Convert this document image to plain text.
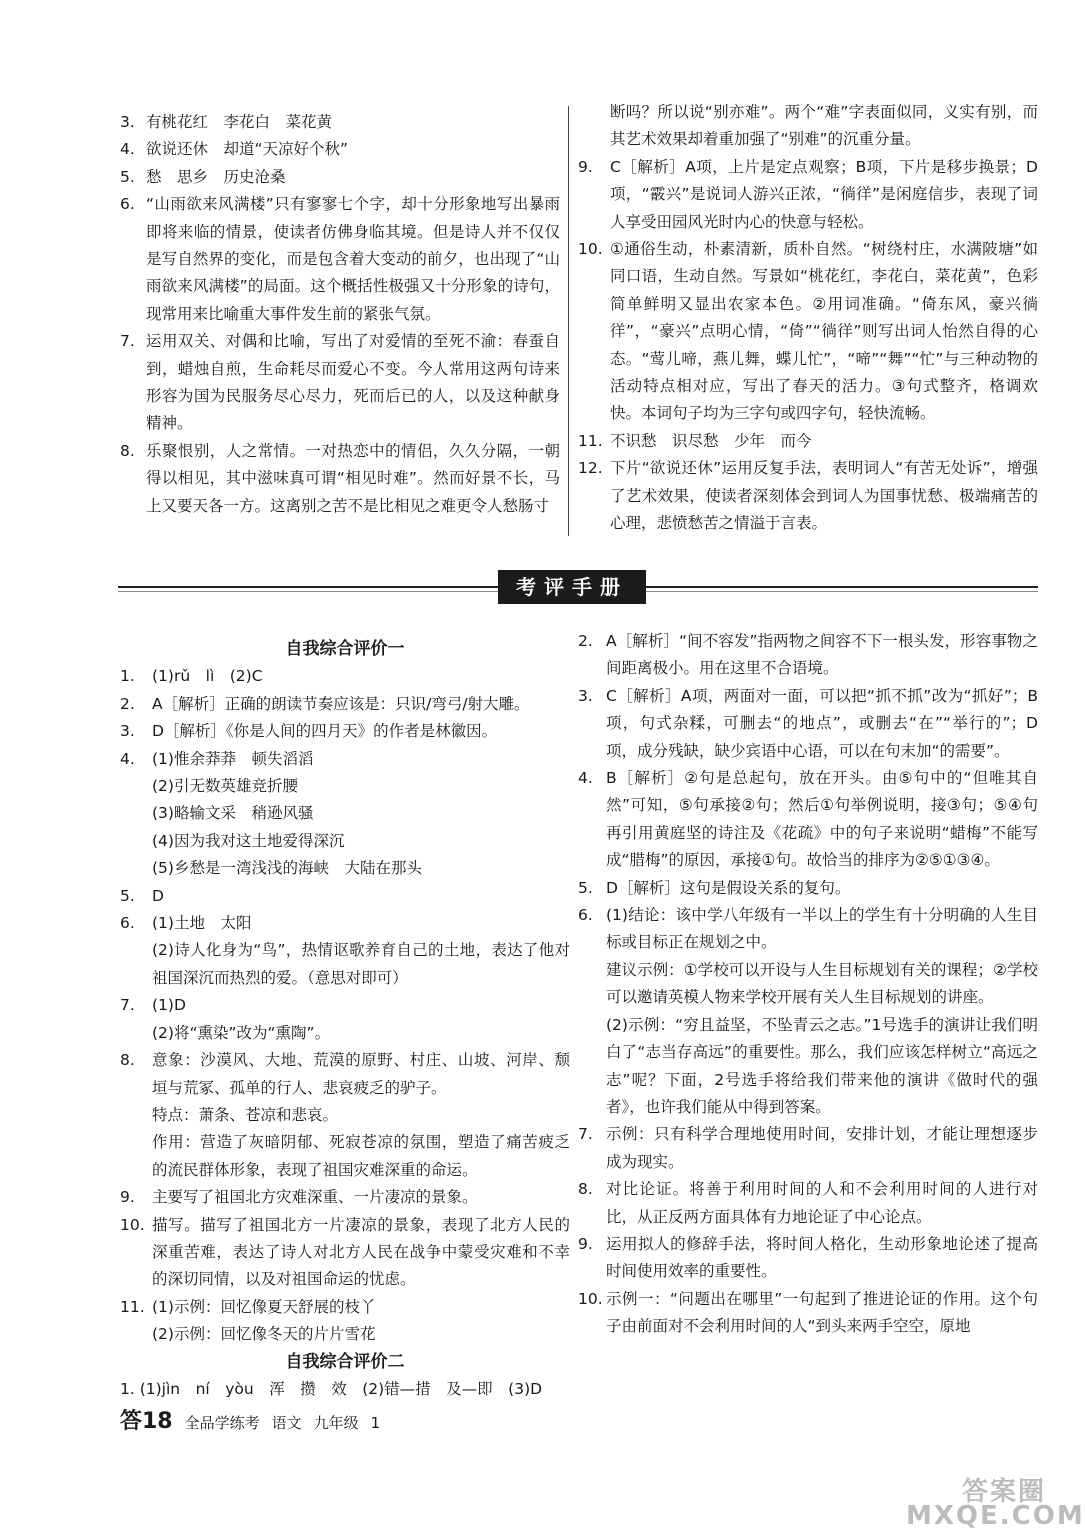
3. 有桃花红　李花白　菜花黄
4. 欲说还休　却道“天凉好个秋”
5. 愁　思乡　历史沧桑
6. “山雨欲来风满楼”只有寥寥七个字，却十分形象地写出暴雨即将来临的情景，使读者仿佛身临其境。但是诗人并不仅仅是写自然界的变化，而是包含着大变动的前夕，也出现了“山雨欲来风满楼”的局面。这个概括性极强又十分形象的诗句，现常用来比喻重大事件发生前的紧张气氛。
7. 运用双关、对偶和比喻，写出了对爱情的至死不渝：春蚕自到，蜡烛自煎，生命耗尽而爱心不变。今人常用这两句诗来形容为国为民服务尽心尽力，死而后已的人，以及这种献身精神。
8. 乐聚恨别，人之常情。一对热恋中的情侣，久久分隔，一朝得以相见，其中滋味真可谓“相见时难”。然而好景不长，马上又要天各一方。这离别之苦不是比相见之难更令人愁肠寸
断吗？所以说“别亦难”。两个“难”字表面似同，义实有别，而其艺术效果却着重加强了“别难”的沉重分量。
9.	C［解析］A项，上片是定点观察；B项，下片是移步换景；D项，“霰兴”是说词人游兴正浓，“徜徉”是闲庭信步，表现了词人享受田园风光时内心的快意与轻松。
10. ①通俗生动，朴素清新，质朴自然。“树绕村庄，水满陂塘”如同口语，生动自然。写景如“桃花红，李花白，菜花黄”，色彩简单鲜明又显出农家本色。②用词准确。“倚东风，豪兴徜徉”，“豪兴”点明心情，“倚”“徜徉”则写出词人怡然自得的心态。“莺儿啼，燕儿舞，蝶儿忙”，“啼”“舞”“忙”与三种动物的活动特点相对应，写出了春天的活力。③句式整齐，格调欢快。本词句子均为三字句或四字句，轻快流畅。
11. 不识愁　识尽愁　少年　而今
12. 下片“欲说还休”运用反复手法，表明词人“有苦无处诉”，增强了艺术效果，使读者深刻体会到词人为国事忧愁、极端痛苦的心理，悲愤愁苦之情溢于言表。
考评手册

自我综合评价一

1.	(1)rǔ　lì　(2)C

2.	A［解析］正确的朗读节奏应该是：只识/弯弓/射大雕。

3.	D［解析］《你是人间的四月天》的作者是林徽因。

4.	(1)惟余莽莽　顿失滔滔

(2)引无数英雄竞折腰

(3)略输文采　稍逊风骚

(4)因为我对这土地爱得深沉

(5)乡愁是一湾浅浅的海峡　大陆在那头

5.	D

6.	(1)土地　太阳

(2)诗人化身为“鸟”，热情讴歌养育自己的土地，表达了他对祖国深沉而热烈的爱。（意思对即可）

7.	(1)D

(2)将“熏染”改为“熏陶”。

8.	意象：沙漠风、大地、荒漠的原野、村庄、山坡、河岸、颓垣与荒冢、孤单的行人、悲哀疲乏的驴子。

特点：萧条、苍凉和悲哀。

作用：营造了灰暗阴郁、死寂苍凉的氛围，塑造了痛苦疲乏的流民群体形象，表现了祖国灾难深重的命运。

9.	主要写了祖国北方灾难深重、一片凄凉的景象。

10. 描写。描写了祖国北方一片凄凉的景象，表现了北方人民的深重苦难，表达了诗人对北方人民在战争中蒙受灾难和不幸的深切同情，以及对祖国命运的忧虑。

11. (1)示例：回忆像夏天舒展的枝丫

(2)示例：回忆像冬天的片片雪花

自我综合评价二

1. (1)jìn　ní　yòu　浑　攒　效　(2)错—措　及—即　(3)D

2. A［解析］“间不容发”指两物之间容不下一根头发，形容事物之间距离极小。用在这里不合语境。

3. C［解析］A项，两面对一面，可以把“抓不抓”改为“抓好”；B项，句式杂糅，可删去“的地点”，或删去“在”“举行的”；D项，成分残缺，缺少宾语中心语，可以在句末加“的需要”。

4. B［解析］②句是总起句，放在开头。由⑤句中的“但唯其自然”可知，⑤句承接②句；然后①句举例说明，接③句；⑤④句再引用黄庭坚的诗注及《花疏》中的句子来说明“蜡梅”不能写成“腊梅”的原因，承接①句。故恰当的排序为②⑤①③④。

5. D［解析］这句是假设关系的复句。

6. (1)结论：该中学八年级有一半以上的学生有十分明确的人生目标或目标正在规划之中。

建议示例：①学校可以开设与人生目标规划有关的课程；②学校可以邀请英模人物来学校开展有关人生目标规划的讲座。

(2)示例：“穷且益坚，不坠青云之志。”1号选手的演讲让我们明白了“志当存高远”的重要性。那么，我们应该怎样树立“高远之志”呢？下面，2号选手将给我们带来他的演讲《做时代的强者》，也许我们能从中得到答案。

7. 示例：只有科学合理地使用时间，安排计划，才能让理想逐步成为现实。

8. 对比论证。将善于利用时间的人和不会利用时间的人进行对比，从正反两方面具体有力地论证了中心论点。

9. 运用拟人的修辞手法，将时间人格化，生动形象地论述了提高时间使用效率的重要性。

10. 示例一：“问题出在哪里”一句起到了推进论证的作用。这个句子由前面对不会利用时间的人“到头来两手空空，原地

答18 全品学练考 语文 九年级 1
答案圈
MXQE.COM
